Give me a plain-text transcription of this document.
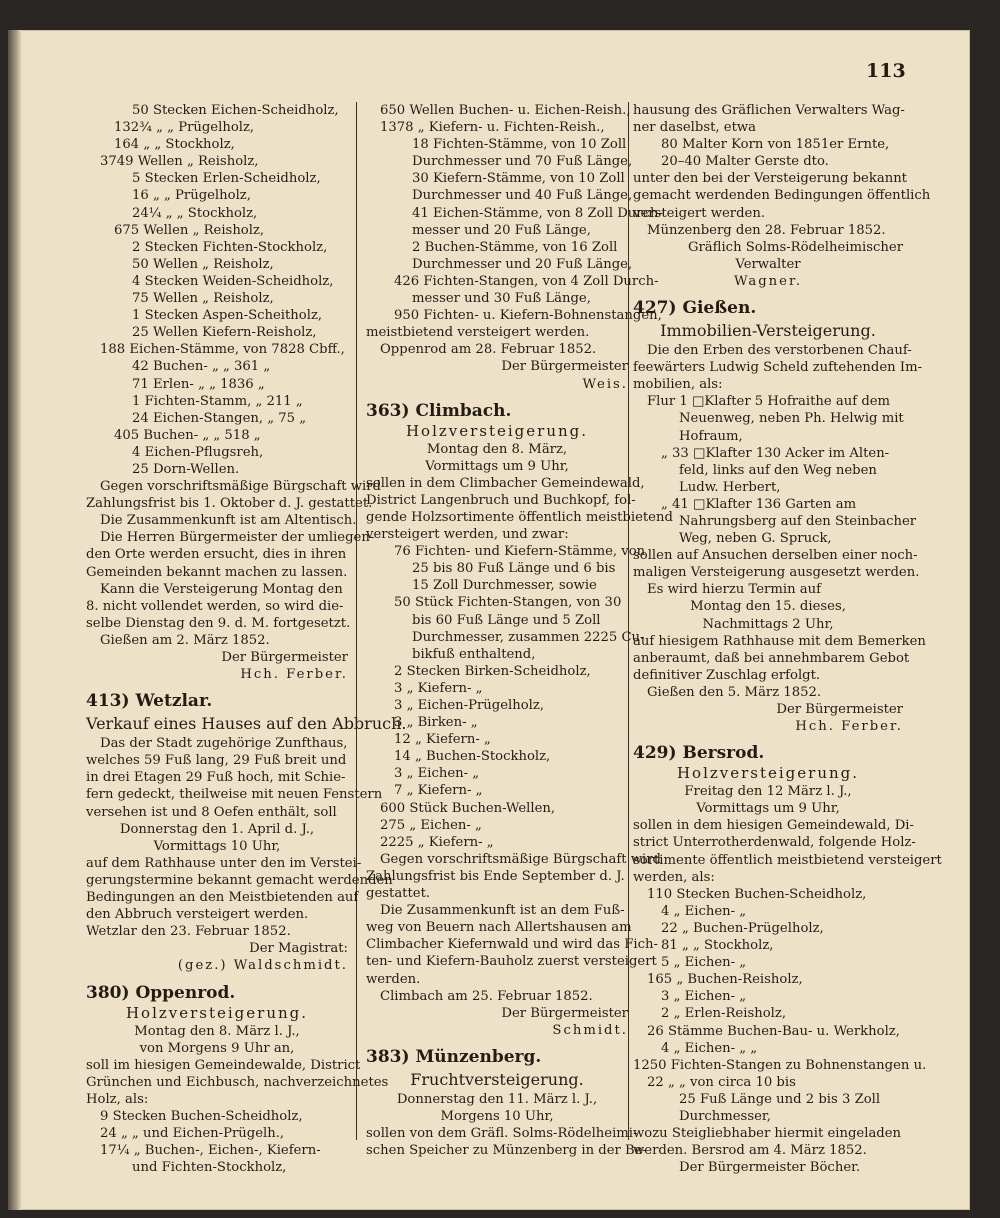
113
50 Stecken Eichen-Scheidholz,
132¾ „ „ Prügelholz,
164 „ „ Stockholz,
3749 Wellen „ Reisholz,
5 Stecken Erlen-Scheidholz,
16 „ „ Prügelholz,
24¼ „ „ Stockholz,
675 Wellen „ Reisholz,
2 Stecken Fichten-Stockholz,
50 Wellen „ Reisholz,
4 Stecken Weiden-Scheidholz,
75 Wellen „ Reisholz,
1 Stecken Aspen-Scheitholz,
25 Wellen Kiefern-Reisholz,
188 Eichen-Stämme, von 7828 Cbff.,
42 Buchen- „ „ 361 „
71 Erlen- „ „ 1836 „
1 Fichten-Stamm, „ 211 „
24 Eichen-Stangen, „ 75 „
405 Buchen- „ „ 518 „
4 Eichen-Pflugsreh,
25 Dorn-Wellen.
Gegen vorschriftsmäßige Bürgschaft wird
Zahlungsfrist bis 1. Oktober d. J. gestattet.
Die Zusammenkunft ist am Altentisch.
Die Herren Bürgermeister der umliegen-
den Orte werden ersucht, dies in ihren
Gemeinden bekannt machen zu lassen.
Kann die Versteigerung Montag den
8. nicht vollendet werden, so wird die-
selbe Dienstag den 9. d. M. fortgesetzt.
Gießen am 2. März 1852.
Der Bürgermeister
Hch. Ferber.
413) Wetzlar.
Verkauf eines Hauses auf den Abbruch.
Das der Stadt zugehörige Zunfthaus,
welches 59 Fuß lang, 29 Fuß breit und
in drei Etagen 29 Fuß hoch, mit Schie-
fern gedeckt, theilweise mit neuen Fenstern
versehen ist und 8 Oefen enthält, soll
Donnerstag den 1. April d. J.,
Vormittags 10 Uhr,
auf dem Rathhause unter den im Verstei-
gerungstermine bekannt gemacht werdenden
Bedingungen an den Meistbietenden auf
den Abbruch versteigert werden.
Wetzlar den 23. Februar 1852.
Der Magistrat:
(gez.) Waldschmidt.
380) Oppenrod.
Holzversteigerung.
Montag den 8. März l. J.,
von Morgens 9 Uhr an,
soll im hiesigen Gemeindewalde, District
Grünchen und Eichbusch, nachverzeichnetes
Holz, als:
9 Stecken Buchen-Scheidholz,
24 „ „ und Eichen-Prügelh.,
17¼ „ Buchen-, Eichen-, Kiefern-
und Fichten-Stockholz,
650 Wellen Buchen- u. Eichen-Reish.,
1378 „ Kiefern- u. Fichten-Reish.,
18 Fichten-Stämme, von 10 Zoll
Durchmesser und 70 Fuß Länge,
30 Kiefern-Stämme, von 10 Zoll
Durchmesser und 40 Fuß Länge,
41 Eichen-Stämme, von 8 Zoll Durch-
messer und 20 Fuß Länge,
2 Buchen-Stämme, von 16 Zoll
Durchmesser und 20 Fuß Länge,
426 Fichten-Stangen, von 4 Zoll Durch-
messer und 30 Fuß Länge,
950 Fichten- u. Kiefern-Bohnenstangen,
meistbietend versteigert werden.
Oppenrod am 28. Februar 1852.
Der Bürgermeister
Weis.
363) Climbach.
Holzversteigerung.
Montag den 8. März,
Vormittags um 9 Uhr,
sollen in dem Climbacher Gemeindewald,
District Langenbruch und Buchkopf, fol-
gende Holzsortimente öffentlich meistbietend
versteigert werden, und zwar:
76 Fichten- und Kiefern-Stämme, von
25 bis 80 Fuß Länge und 6 bis
15 Zoll Durchmesser, sowie
50 Stück Fichten-Stangen, von 30
bis 60 Fuß Länge und 5 Zoll
Durchmesser, zusammen 2225 Cu-
bikfuß enthaltend,
2 Stecken Birken-Scheidholz,
3 „ Kiefern- „
3 „ Eichen-Prügelholz,
3 „ Birken- „
12 „ Kiefern- „
14 „ Buchen-Stockholz,
3 „ Eichen- „
7 „ Kiefern- „
600 Stück Buchen-Wellen,
275 „ Eichen- „
2225 „ Kiefern- „
Gegen vorschriftsmäßige Bürgschaft wird
Zahlungsfrist bis Ende September d. J.
gestattet.
Die Zusammenkunft ist an dem Fuß-
weg von Beuern nach Allertshausen am
Climbacher Kiefernwald und wird das Fich-
ten- und Kiefern-Bauholz zuerst versteigert
werden.
Climbach am 25. Februar 1852.
Der Bürgermeister
Schmidt.
383) Münzenberg.
Fruchtversteigerung.
Donnerstag den 11. März l. J.,
Morgens 10 Uhr,
sollen von dem Gräfl. Solms-Rödelheimi-
schen Speicher zu Münzenberg in der Be-
hausung des Gräflichen Verwalters Wag-
ner daselbst, etwa
80 Malter Korn von 1851er Ernte,
20–40 Malter Gerste dto.
unter den bei der Versteigerung bekannt
gemacht werdenden Bedingungen öffentlich
versteigert werden.
Münzenberg den 28. Februar 1852.
Gräflich Solms-Rödelheimischer
Verwalter
Wagner.
427) Gießen.
Immobilien-Versteigerung.
Die den Erben des verstorbenen Chauf-
feewärters Ludwig Scheld zuftehenden Im-
mobilien, als:
Flur 1 □Klafter 5 Hofraithe auf dem
Neuenweg, neben Ph. Helwig mit
Hofraum,
„ 33 □Klafter 130 Acker im Alten-
feld, links auf den Weg neben
Ludw. Herbert,
„ 41 □Klafter 136 Garten am
Nahrungsberg auf den Steinbacher
Weg, neben G. Spruck,
sollen auf Ansuchen derselben einer noch-
maligen Versteigerung ausgesetzt werden.
Es wird hierzu Termin auf
Montag den 15. dieses,
Nachmittags 2 Uhr,
auf hiesigem Rathhause mit dem Bemerken
anberaumt, daß bei annehmbarem Gebot
definitiver Zuschlag erfolgt.
Gießen den 5. März 1852.
Der Bürgermeister
Hch. Ferber.
429) Bersrod.
Holzversteigerung.
Freitag den 12 März l. J.,
Vormittags um 9 Uhr,
sollen in dem hiesigen Gemeindewald, Di-
strict Unterrotherdenwald, folgende Holz-
sortimente öffentlich meistbietend versteigert
werden, als:
110 Stecken Buchen-Scheidholz,
4 „ Eichen- „
22 „ Buchen-Prügelholz,
81 „ „ Stockholz,
5 „ Eichen- „
165 „ Buchen-Reisholz,
3 „ Eichen- „
2 „ Erlen-Reisholz,
26 Stämme Buchen-Bau- u. Werkholz,
4 „ Eichen- „ „
1250 Fichten-Stangen zu Bohnenstangen u.
22 „ „ von circa 10 bis
25 Fuß Länge und 2 bis 3 Zoll
Durchmesser,
wozu Steigliebhaber hiermit eingeladen
werden. Bersrod am 4. März 1852.
Der Bürgermeister Böcher.
